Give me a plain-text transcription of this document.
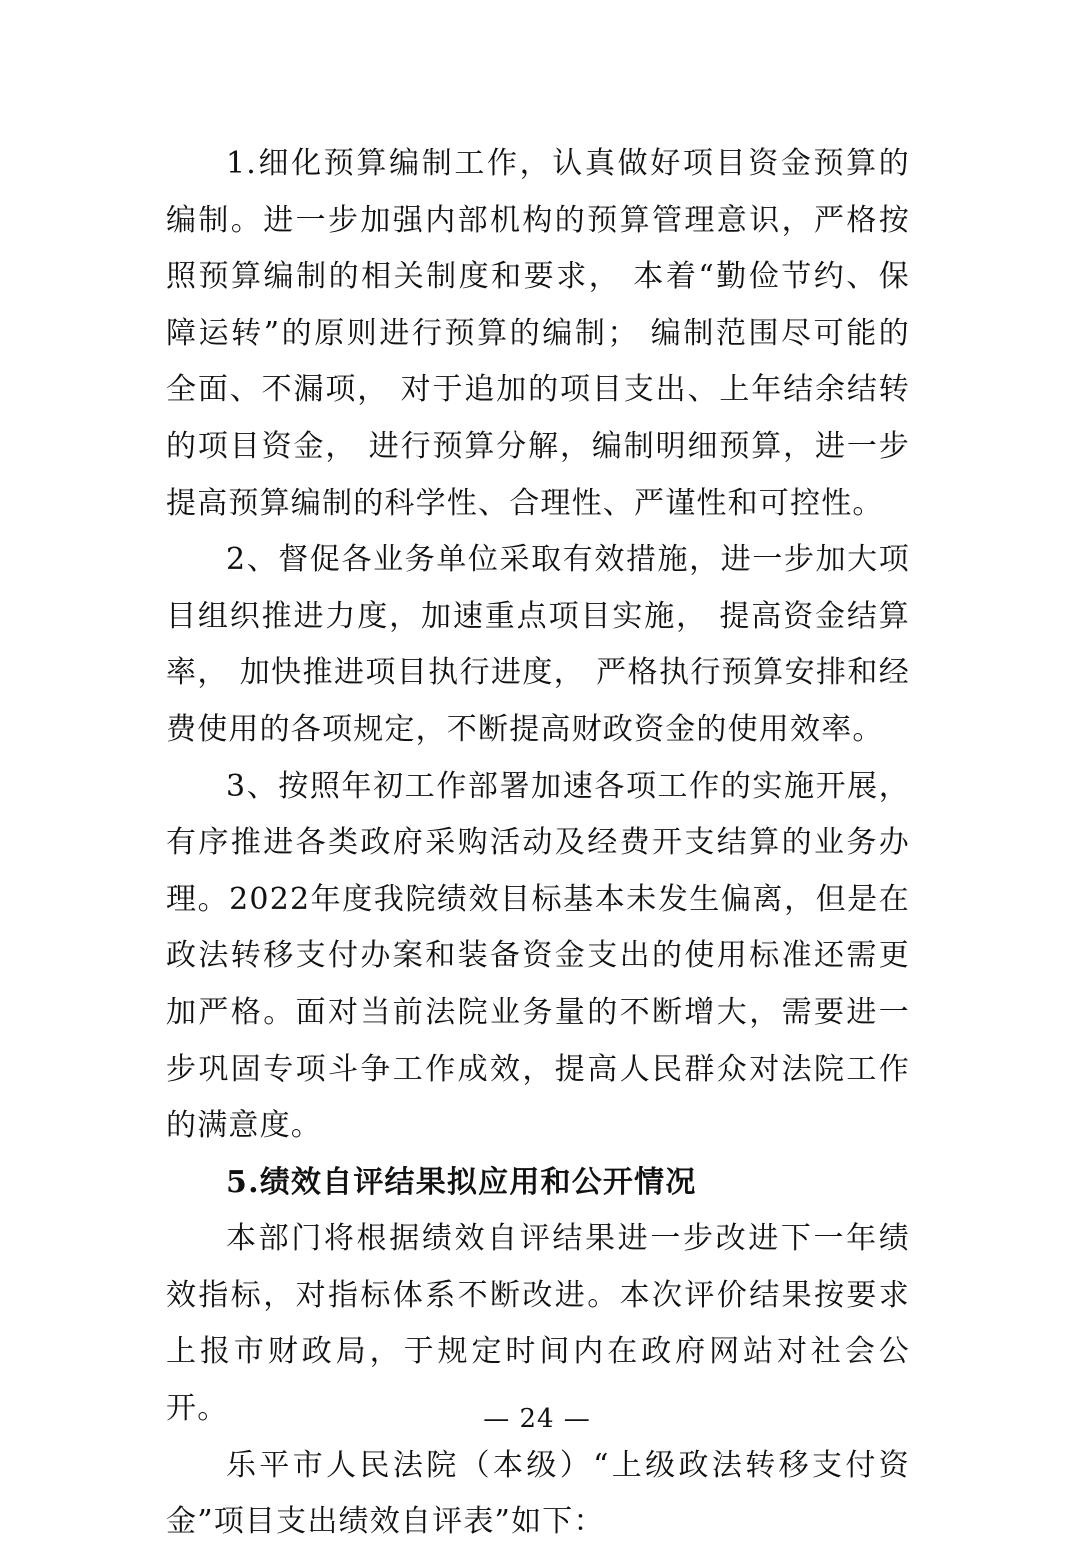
1.细化预算编制工作，认真做好项目资金预算的编制。进一步加强内部机构的预算管理意识，严格按照预算编制的相关制度和要求， 本着“勤俭节约、保障运转”的原则进行预算的编制； 编制范围尽可能的全面、不漏项， 对于追加的项目支出、上年结余结转的项目资金， 进行预算分解，编制明细预算，进一步提高预算编制的科学性、合理性、严谨性和可控性。

2、督促各业务单位采取有效措施，进一步加大项目组织推进力度，加速重点项目实施， 提高资金结算率， 加快推进项目执行进度， 严格执行预算安排和经费使用的各项规定，不断提高财政资金的使用效率。

3、按照年初工作部署加速各项工作的实施开展， 有序推进各类政府采购活动及经费开支结算的业务办理。2022年度我院绩效目标基本未发生偏离，但是在政法转移支付办案和装备资金支出的使用标准还需更加严格。面对当前法院业务量的不断增大，需要进一步巩固专项斗争工作成效，提高人民群众对法院工作的满意度。

5.绩效自评结果拟应用和公开情况

本部门将根据绩效自评结果进一步改进下一年绩效指标，对指标体系不断改进。本次评价结果按要求上报市财政局，于规定时间内在政府网站对社会公开。

乐平市人民法院（本级）“上级政法转移支付资金”项目支出绩效自评表”如下：

— 24 —
